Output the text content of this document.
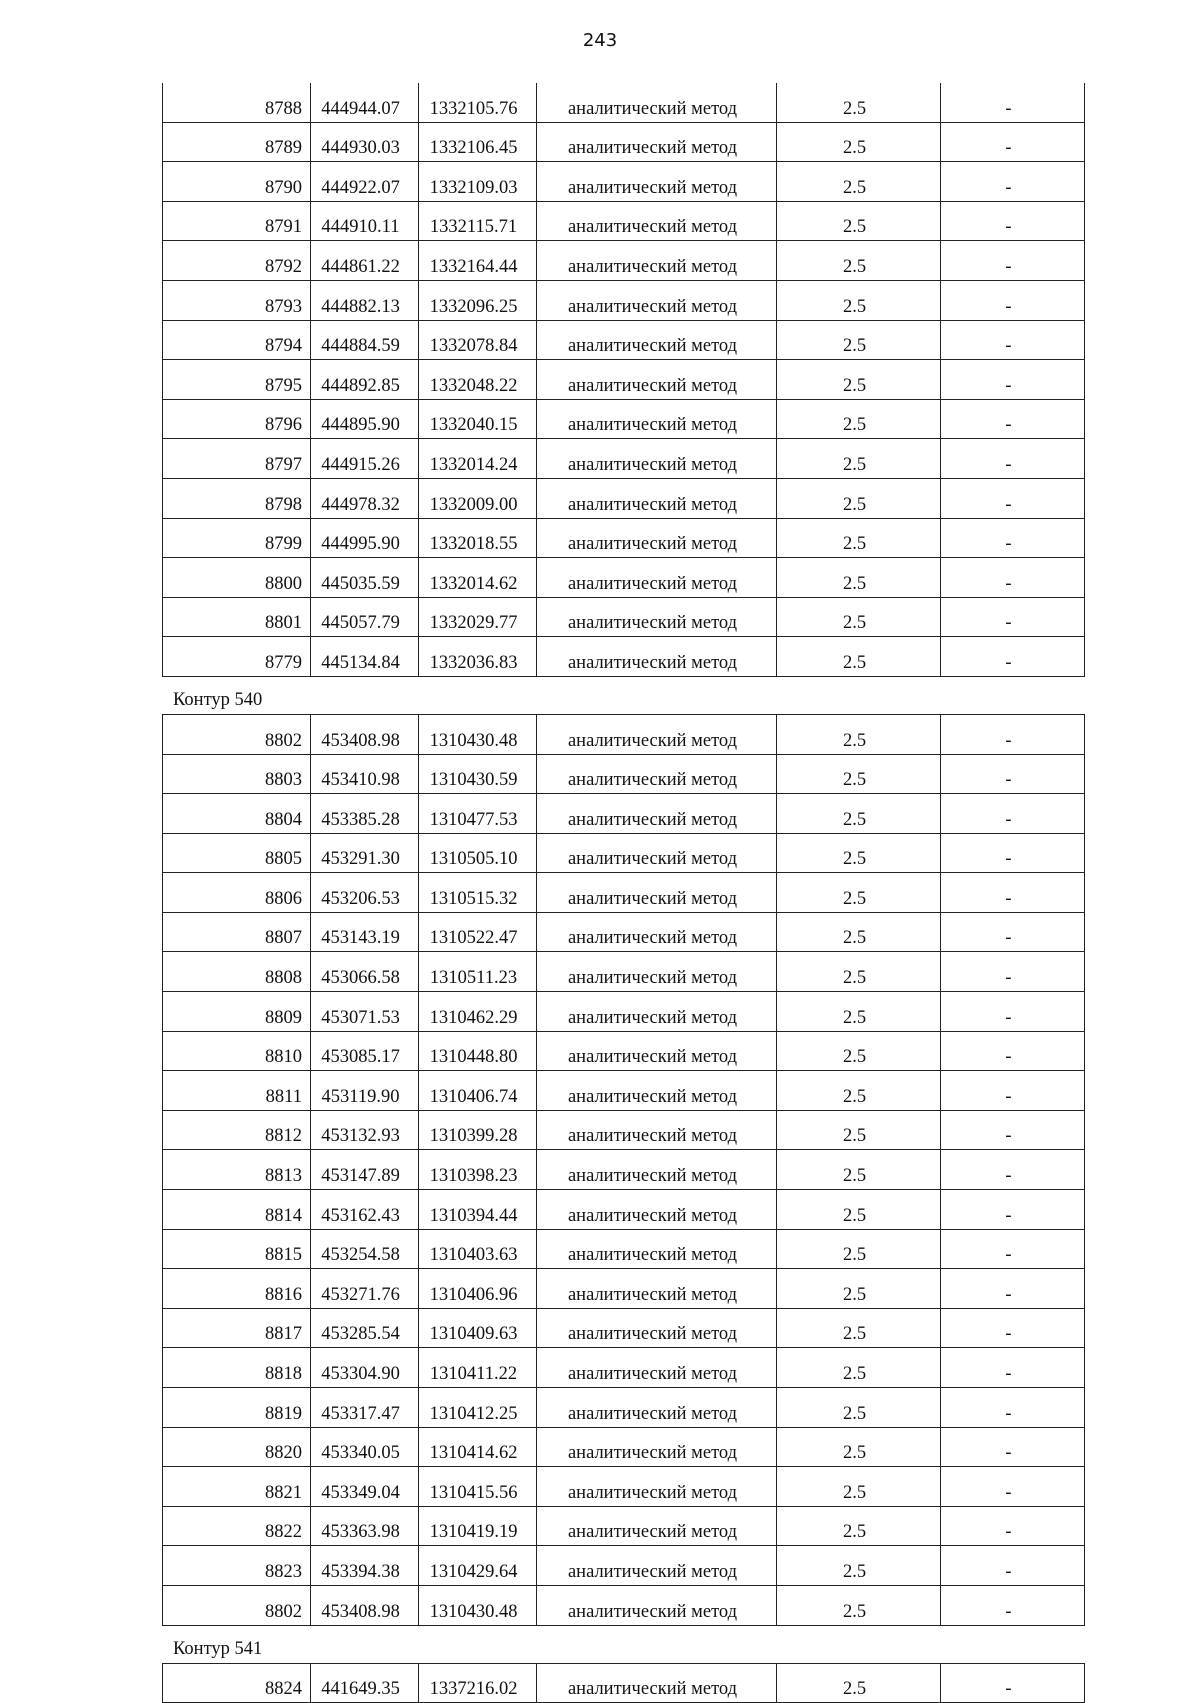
243
8788	444944.07	1332105.76	аналитический метод	2.5	-
8789	444930.03	1332106.45	аналитический метод	2.5	-
8790	444922.07	1332109.03	аналитический метод	2.5	-
8791	444910.11	1332115.71	аналитический метод	2.5	-
8792	444861.22	1332164.44	аналитический метод	2.5	-
8793	444882.13	1332096.25	аналитический метод	2.5	-
8794	444884.59	1332078.84	аналитический метод	2.5	-
8795	444892.85	1332048.22	аналитический метод	2.5	-
8796	444895.90	1332040.15	аналитический метод	2.5	-
8797	444915.26	1332014.24	аналитический метод	2.5	-
8798	444978.32	1332009.00	аналитический метод	2.5	-
8799	444995.90	1332018.55	аналитический метод	2.5	-
8800	445035.59	1332014.62	аналитический метод	2.5	-
8801	445057.79	1332029.77	аналитический метод	2.5	-
8779	445134.84	1332036.83	аналитический метод	2.5	-
Контур 540
8802	453408.98	1310430.48	аналитический метод	2.5	-
8803	453410.98	1310430.59	аналитический метод	2.5	-
8804	453385.28	1310477.53	аналитический метод	2.5	-
8805	453291.30	1310505.10	аналитический метод	2.5	-
8806	453206.53	1310515.32	аналитический метод	2.5	-
8807	453143.19	1310522.47	аналитический метод	2.5	-
8808	453066.58	1310511.23	аналитический метод	2.5	-
8809	453071.53	1310462.29	аналитический метод	2.5	-
8810	453085.17	1310448.80	аналитический метод	2.5	-
8811	453119.90	1310406.74	аналитический метод	2.5	-
8812	453132.93	1310399.28	аналитический метод	2.5	-
8813	453147.89	1310398.23	аналитический метод	2.5	-
8814	453162.43	1310394.44	аналитический метод	2.5	-
8815	453254.58	1310403.63	аналитический метод	2.5	-
8816	453271.76	1310406.96	аналитический метод	2.5	-
8817	453285.54	1310409.63	аналитический метод	2.5	-
8818	453304.90	1310411.22	аналитический метод	2.5	-
8819	453317.47	1310412.25	аналитический метод	2.5	-
8820	453340.05	1310414.62	аналитический метод	2.5	-
8821	453349.04	1310415.56	аналитический метод	2.5	-
8822	453363.98	1310419.19	аналитический метод	2.5	-
8823	453394.38	1310429.64	аналитический метод	2.5	-
8802	453408.98	1310430.48	аналитический метод	2.5	-
Контур 541
8824	441649.35	1337216.02	аналитический метод	2.5	-
